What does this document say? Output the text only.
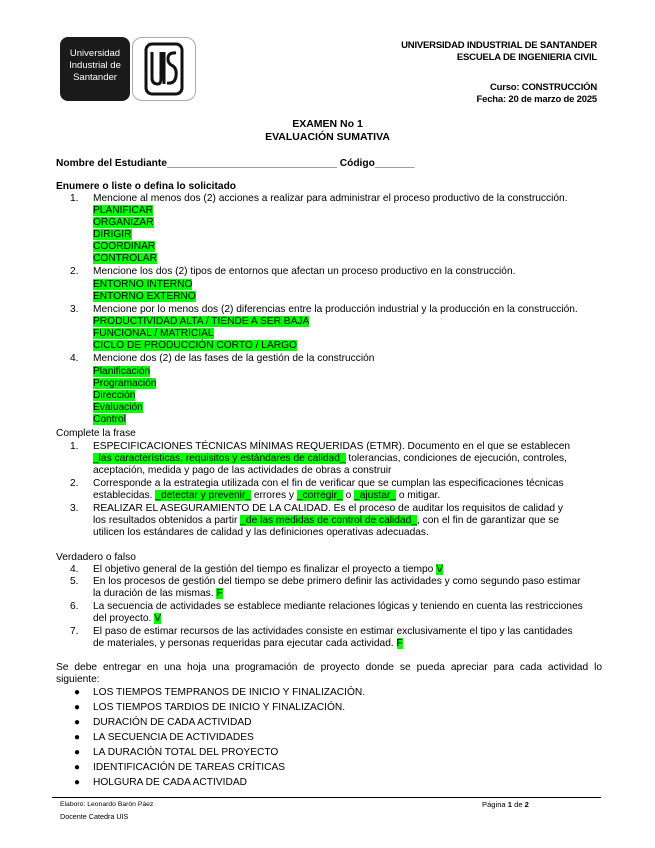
Universidad
Industrial de
Santander
UNIVERSIDAD INDUSTRIAL DE SANTANDER
ESCUELA DE INGENIERIA CIVIL
Curso: CONSTRUCCIÓN
Fecha: 20 de marzo de 2025
EXAMEN No 1
EVALUACIÓN SUMATIVA
Nombre del Estudiante______________________________ Código_______
Enumere o liste o defina lo solicitado
1. Mencione al menos dos (2) acciones a realizar para administrar el proceso productivo de la construcción.
PLANIFICAR
ORGANIZAR
DIRIGIR
COORDINAR
CONTROLAR
2. Mencione los dos (2) tipos de entornos que afectan un proceso productivo en la construcción.
ENTORNO INTERNO
ENTORNO EXTERNO
3. Mencione por lo menos dos (2) diferencias entre la producción industrial y la producción en la construcción.
PRODUCTIVIDAD ALTA / TIENDE A SER BAJA
FUNCIONAL / MATRICIAL
CICLO DE PRODUCCIÓN CORTO / LARGO
4. Mencione dos (2) de las fases de la gestión de la construcción
Planificación
Programación
Dirección
Evaluación
Control
Complete la frase
1. ESPECIFICACIONES TÉCNICAS MÍNIMAS REQUERIDAS (ETMR). Documento en el que se establecen
_las características, requisitos y estándares de calidad_ tolerancias, condiciones de ejecución, controles,
aceptación, medida y pago de las actividades de obras a construir
2. Corresponde a la estrategia utilizada con el fin de verificar que se cumplan las especificaciones técnicas
establecidas. _detectar y prevenir_ errores y _corregir_ o _ajustar_ o mitigar.
3. REALIZAR EL ASEGURAMIENTO DE LA CALIDAD. Es el proceso de auditar los requisitos de calidad y
los resultados obtenidos a partir _de las medidas de control de calidad_, con el fin de garantizar que se
utilicen los estándares de calidad y las definiciones operativas adecuadas.
Verdadero o falso
4. El objetivo general de la gestión del tiempo es finalizar el proyecto a tiempo V
5. En los procesos de gestión del tiempo se debe primero definir las actividades y como segundo paso estimar
la duración de las mismas. F
6. La secuencia de actividades se establece mediante relaciones lógicas y teniendo en cuenta las restricciones
del proyecto. V
7. El paso de estimar recursos de las actividades consiste en estimar exclusivamente el tipo y las cantidades
de materiales, y personas requeridas para ejecutar cada actividad. F
Se debe entregar en una hoja una programación de proyecto donde se pueda apreciar para cada actividad lo
siguiente:
● LOS TIEMPOS TEMPRANOS DE INICIO Y FINALIZACIÓN.
● LOS TIEMPOS TARDIOS DE INICIO Y FINALIZACIÓN.
● DURACIÓN DE CADA ACTIVIDAD
● LA SECUENCIA DE ACTIVIDADES
● LA DURACIÓN TOTAL DEL PROYECTO
● IDENTIFICACIÓN DE TAREAS CRÍTICAS
● HOLGURA DE CADA ACTIVIDAD
Elaboró: Leonardo Barón Páez
Docente Catedra UIS
Página 1 de 2
